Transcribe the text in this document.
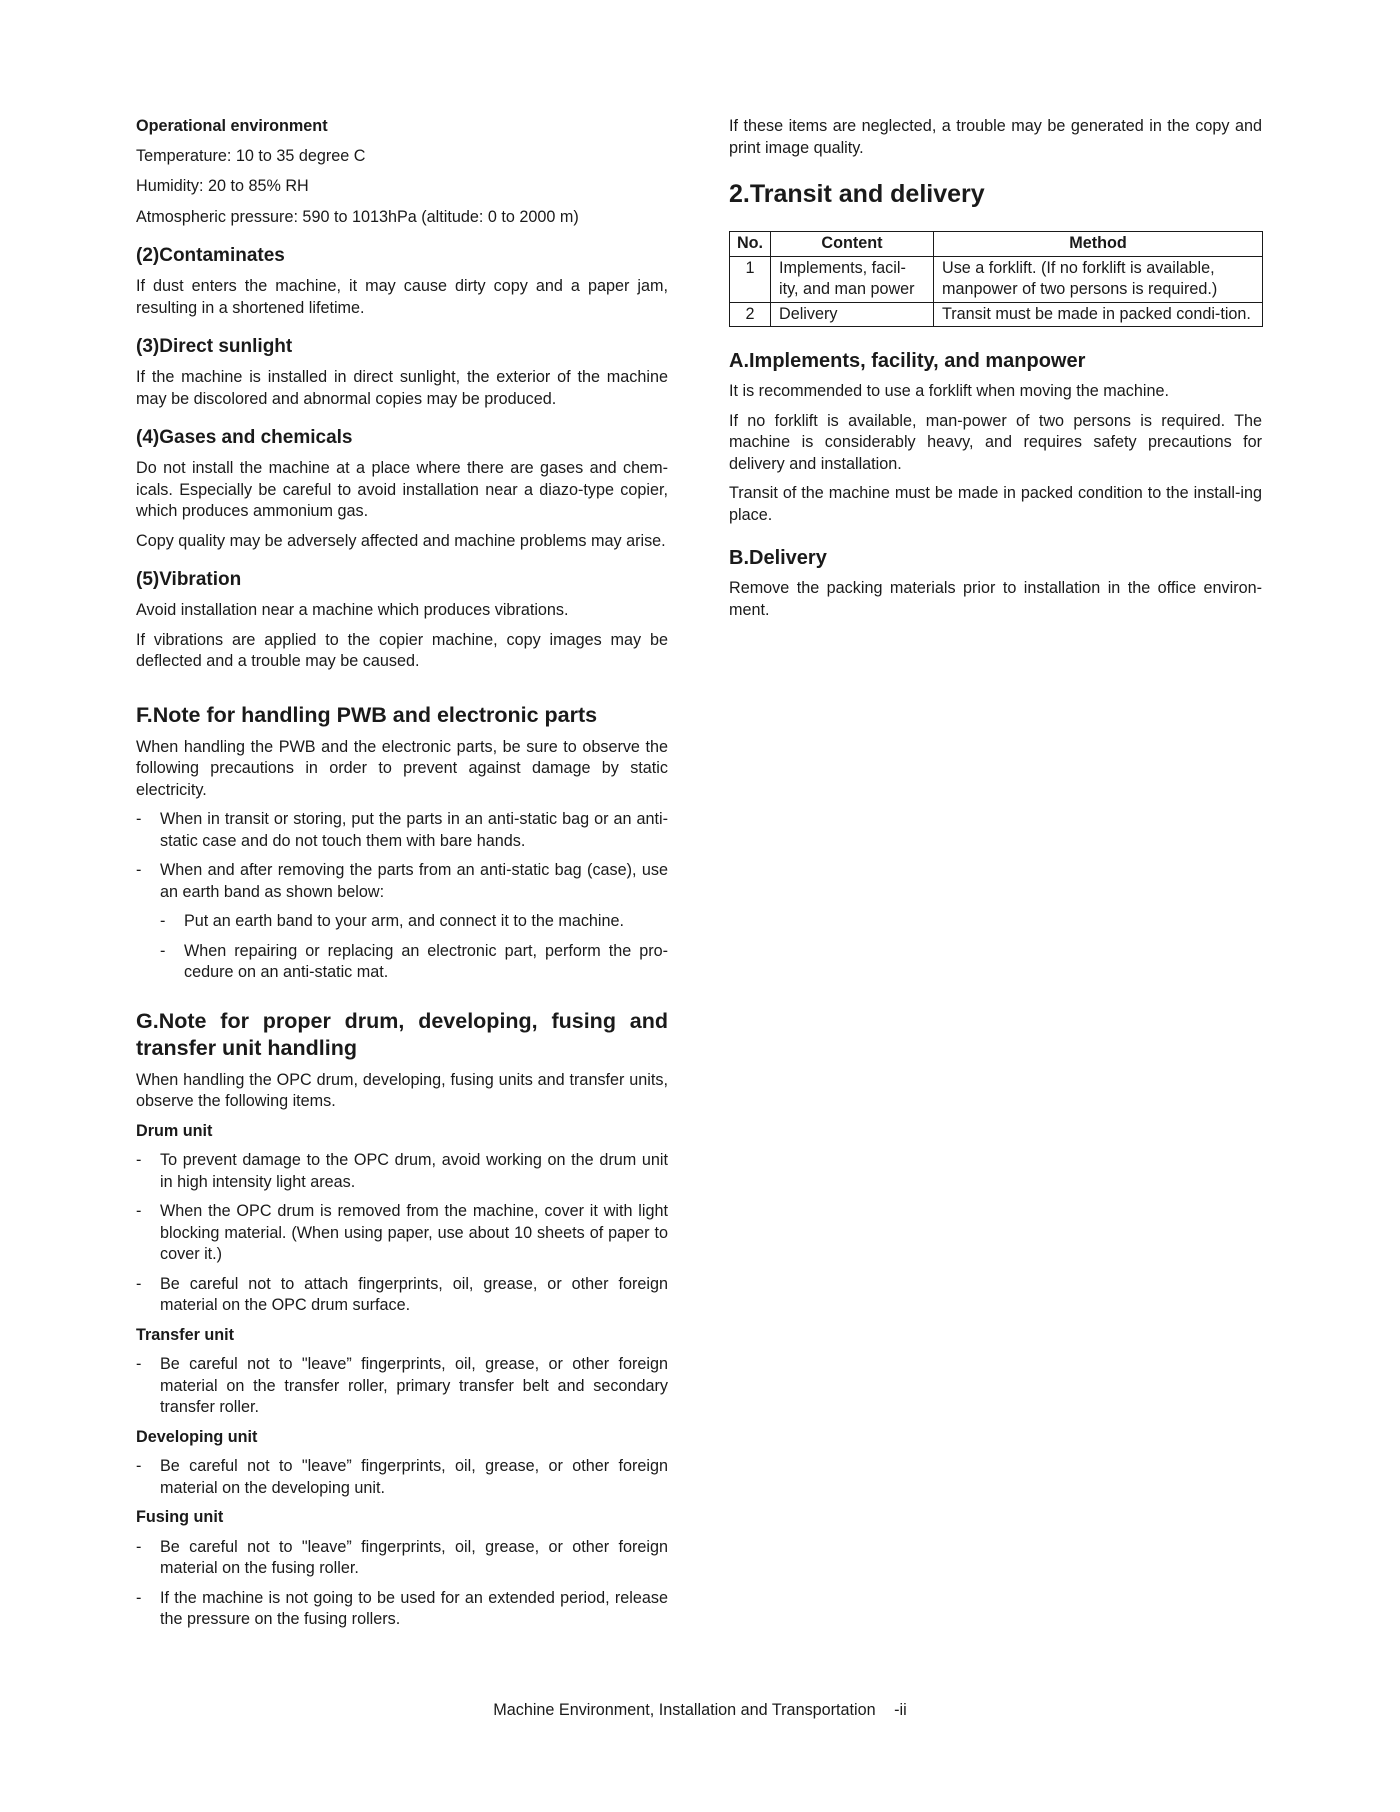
Operational environment
Temperature: 10 to 35 degree C
Humidity: 20 to 85% RH
Atmospheric pressure: 590 to 1013hPa (altitude: 0 to 2000 m)
(2)Contaminates

If dust enters the machine, it may cause dirty copy and a paper jam, resulting in a shortened lifetime.

(3)Direct sunlight

If the machine is installed in direct sunlight, the exterior of the machine may be discolored and abnormal copies may be produced.

(4)Gases and chemicals

Do not install the machine at a place where there are gases and chem-icals. Especially be careful to avoid installation near a diazo-type copier, which produces ammonium gas.

Copy quality may be adversely affected and machine problems may arise.

(5)Vibration

Avoid installation near a machine which produces vibrations.

If vibrations are applied to the copier machine, copy images may be deflected and a trouble may be caused.

F.Note for handling PWB and electronic parts

When handling the PWB and the electronic parts, be sure to observe the following precautions in order to prevent against damage by static electricity.

- When in transit or storing, put the parts in an anti-static bag or an anti-static case and do not touch them with bare hands.
- When and after removing the parts from an anti-static bag (case), use an earth band as shown below:
- Put an earth band to your arm, and connect it to the machine.
- When repairing or replacing an electronic part, perform the pro-cedure on an anti-static mat.
G.Note for proper drum, developing, fusing and
transfer unit handling

When handling the OPC drum, developing, fusing units and transfer units, observe the following items.

Drum unit
- To prevent damage to the OPC drum, avoid working on the drum unit in high intensity light areas.
- When the OPC drum is removed from the machine, cover it with light blocking material. (When using paper, use about 10 sheets of paper to cover it.)
- Be careful not to attach fingerprints, oil, grease, or other foreign material on the OPC drum surface.
Transfer unit
- Be careful not to "leave” fingerprints, oil, grease, or other foreign material on the transfer roller, primary transfer belt and secondary transfer roller.
Developing unit
- Be careful not to "leave” fingerprints, oil, grease, or other foreign material on the developing unit.
Fusing unit
- Be careful not to "leave” fingerprints, oil, grease, or other foreign material on the fusing roller.
- If the machine is not going to be used for an extended period, release the pressure on the fusing rollers.

If these items are neglected, a trouble may be generated in the copy and print image quality.

2.Transit and delivery
No.	Content	Method
1	Implements, facil-ity, and man power	Use a forklift. (If no forklift is available, manpower of two persons is required.)
2	Delivery	Transit must be made in packed condi-tion.
A.Implements, facility, and manpower

It is recommended to use a forklift when moving the machine.

If no forklift is available, man-power of two persons is required. The machine is considerably heavy, and requires safety precautions for delivery and installation.

Transit of the machine must be made in packed condition to the install-ing place.

B.Delivery

Remove the packing materials prior to installation in the office environ-ment.

Machine Environment, Installation and Transportation -ii
